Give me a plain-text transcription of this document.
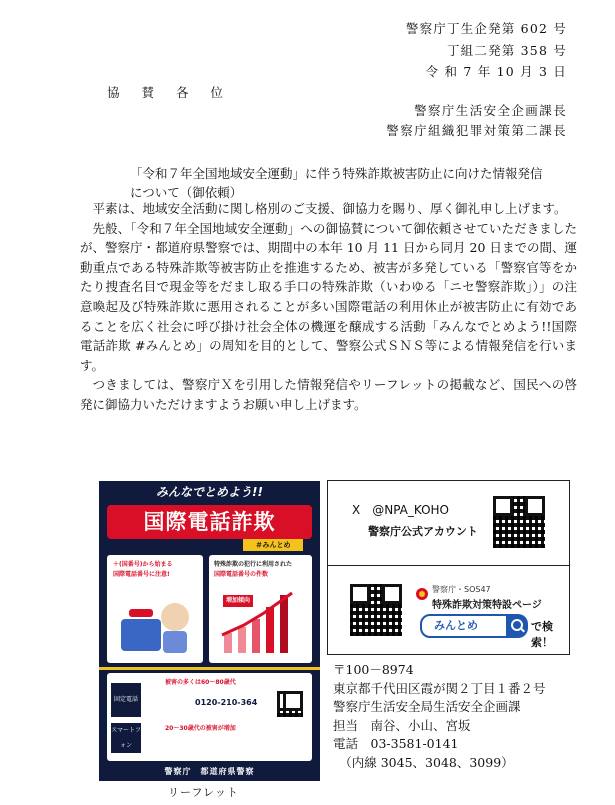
警察庁丁生企発第 602 号
丁組二発第 358 号
令 和 7 年 10 月 3 日
協 賛 各 位
警察庁生活安全企画課長
警察庁組織犯罪対策第二課長
「令和７年全国地域安全運動」に伴う特殊詐欺被害防止に向けた情報発信
について（御依頼）

平素は、地域安全活動に関し格別のご支援、御協力を賜り、厚く御礼申し上げます。

先般、「令和７年全国地域安全運動」への御協賛について御依頼させていただきましたが、警察庁・都道府県警察では、期間中の本年 10 月 11 日から同月 20 日までの間、運動重点である特殊詐欺等被害防止を推進するため、被害が多発している「警察官等をかたり捜査名目で現金等をだまし取る手口の特殊詐欺（いわゆる「ニセ警察詐欺」）」の注意喚起及び特殊詐欺に悪用されることが多い国際電話の利用休止が被害防止に有効であることを広く社会に呼び掛け社会全体の機運を醸成する活動「みんなでとめよう!!国際電話詐欺 #みんとめ」の周知を目的として、警察公式ＳＮＳ等による情報発信を行います。

つきましては、警察庁Ｘを引用した情報発信やリーフレットの掲載など、国民への啓発に御協力いただけますようお願い申し上げます。

みんなでとめよう!!
国際電話詐欺
＃みんとめ
＋(国番号)から始まる
国際電話番号に注意!
特殊詐欺の犯行に利用された
国際電話番号の件数
増加傾向
固定電話
被害の多くは60～80歳代
0120-210-364
スマートフォン
20～30歳代の被害が増加
警察庁　都道府県警察
リーフレット
X　@NPA_KOHO
警察庁公式アカウント
警察庁・SOS47
特殊詐欺対策特設ページ
みんとめ	で検索！
〒100－8974
東京都千代田区霞が関２丁目１番２号
警察庁生活安全局生活安全企画課
担当　南谷、小山、宮坂
電話　03-3581-0141
　（内線 3045、3048、3099）
